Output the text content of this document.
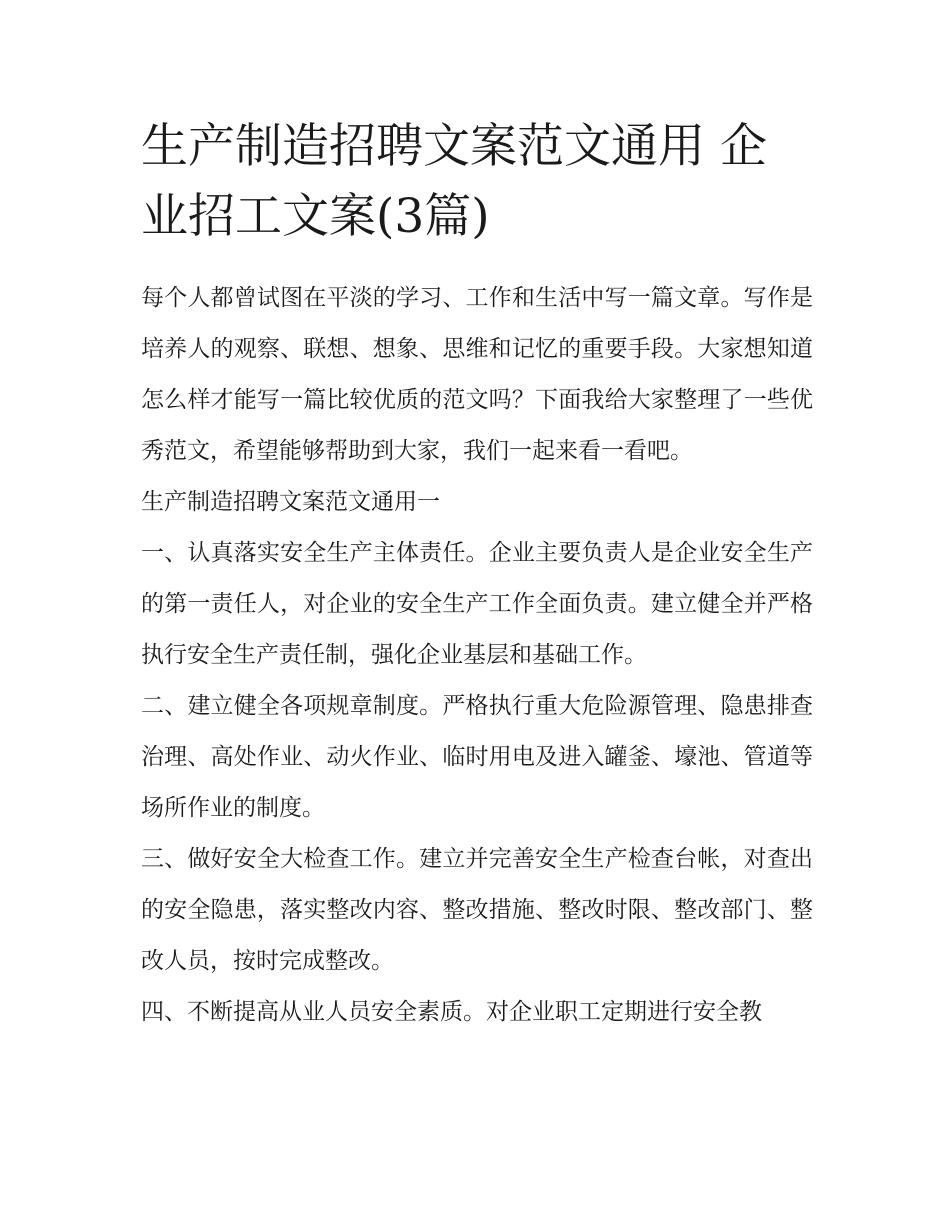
生产制造招聘文案范文通用 企业招工文案(3篇)

每个人都曾试图在平淡的学习、工作和生活中写一篇文章。写作是培养人的观察、联想、想象、思维和记忆的重要手段。大家想知道怎么样才能写一篇比较优质的范文吗？下面我给大家整理了一些优秀范文，希望能够帮助到大家，我们一起来看一看吧。

生产制造招聘文案范文通用一

一、认真落实安全生产主体责任。企业主要负责人是企业安全生产的第一责任人，对企业的安全生产工作全面负责。建立健全并严格执行安全生产责任制，强化企业基层和基础工作。

二、建立健全各项规章制度。严格执行重大危险源管理、隐患排查治理、高处作业、动火作业、临时用电及进入罐釜、壕池、管道等场所作业的制度。

三、做好安全大检查工作。建立并完善安全生产检查台帐，对查出的安全隐患，落实整改内容、整改措施、整改时限、整改部门、整改人员，按时完成整改。

四、不断提高从业人员安全素质。对企业职工定期进行安全教
